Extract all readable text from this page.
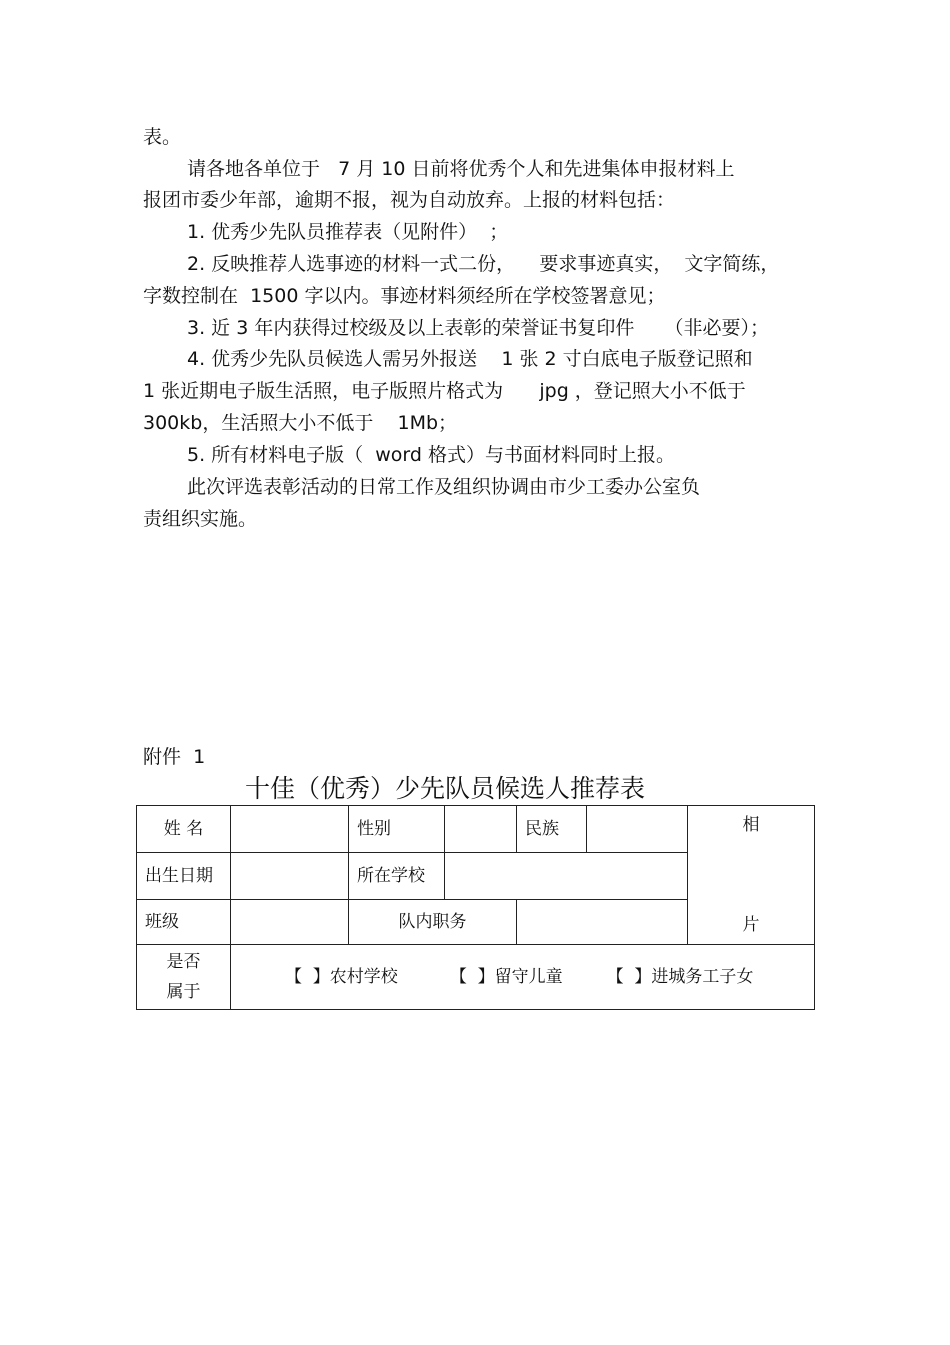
表。
请各地各单位于   7 月 10 日前将优秀个人和先进集体申报材料上
报团市委少年部，逾期不报，视为自动放弃。上报的材料包括：
1. 优秀少先队员推荐表（见附件）  ；
2. 反映推荐人选事迹的材料一式二份，    要求事迹真实，  文字简练，
字数控制在  1500 字以内。事迹材料须经所在学校签署意见；
3. 近 3 年内获得过校级及以上表彰的荣誉证书复印件     （非必要）；
4. 优秀少先队员候选人需另外报送    1 张 2 寸白底电子版登记照和
1 张近期电子版生活照，电子版照片格式为      jpg ，登记照大小不低于
300kb，生活照大小不低于    1Mb；
5. 所有材料电子版（  word 格式）与书面材料同时上报。
此次评选表彰活动的日常工作及组织协调由市少工委办公室负
责组织实施。
附件  1
十佳（优秀）少先队员候选人推荐表
姓 名		性别		民族		相
片

出生日期		所在学校				
班级		队内职务				

是否
属于	【  】农村学校 【  】留守儿童 【  】进城务工子女					
